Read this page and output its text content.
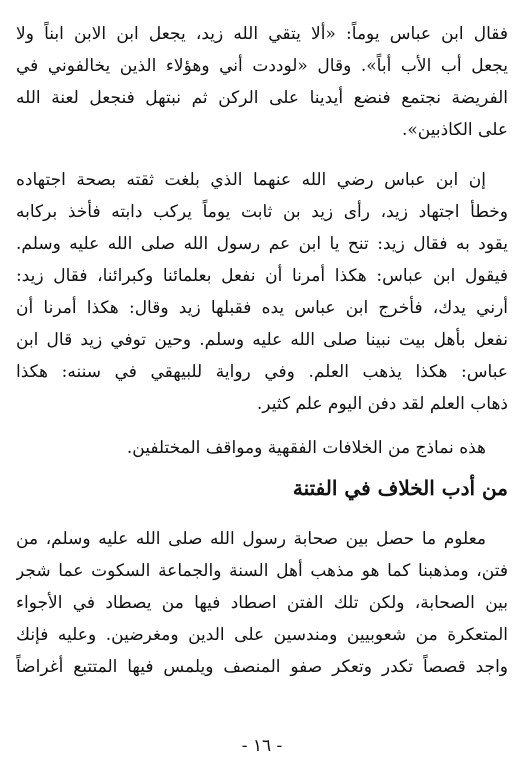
فقال ابن عباس يوماً: «ألا يتقي الله زيد، يجعل ابن الابن ابناً ولا
يجعل أب الأب أباً». وقال «لوددت أني وهؤلاء الذين يخالفوني في
الفريضة نجتمع فنضع أيدينا على الركن ثم نبتهل فنجعل لعنة الله
على الكاذبين».
إن ابن عباس رضي الله عنهما الذي بلغت ثقته بصحة اجتهاده
وخطأ اجتهاد زيد، رأى زيد بن ثابت يوماً يركب دابته فأخذ بركابه
يقود به فقال زيد: تنح يا ابن عم رسول الله صلى الله عليه وسلم.
فيقول ابن عباس: هكذا أمرنا أن نفعل بعلمائنا وكبرائنا، فقال زيد:
أرني يدك، فأخرج ابن عباس يده فقبلها زيد وقال: هكذا أمرنا أن
نفعل بأهل بيت نبينا صلى الله عليه وسلم. وحين توفي زيد قال ابن
عباس: هكذا يذهب العلم. وفي رواية للبيهقي في سننه: هكذا
ذهاب العلم لقد دفن اليوم علم كثير.
هذه نماذج من الخلافات الفقهية ومواقف المختلفين.
من أدب الخلاف في الفتنة
معلوم ما حصل بين صحابة رسول الله صلى الله عليه وسلم، من
فتن، ومذهبنا كما هو مذهب أهل السنة والجماعة السكوت عما شجر
بين الصحابة، ولكن تلك الفتن اصطاد فيها من يصطاد في الأجواء
المتعكرة من شعوبيين ومندسين على الدين ومغرضين. وعليه فإنك
واجد قصصاً تكدر وتعكر صفو المنصف ويلمس فيها المتتبع أغراضاً
- ١٦ -
